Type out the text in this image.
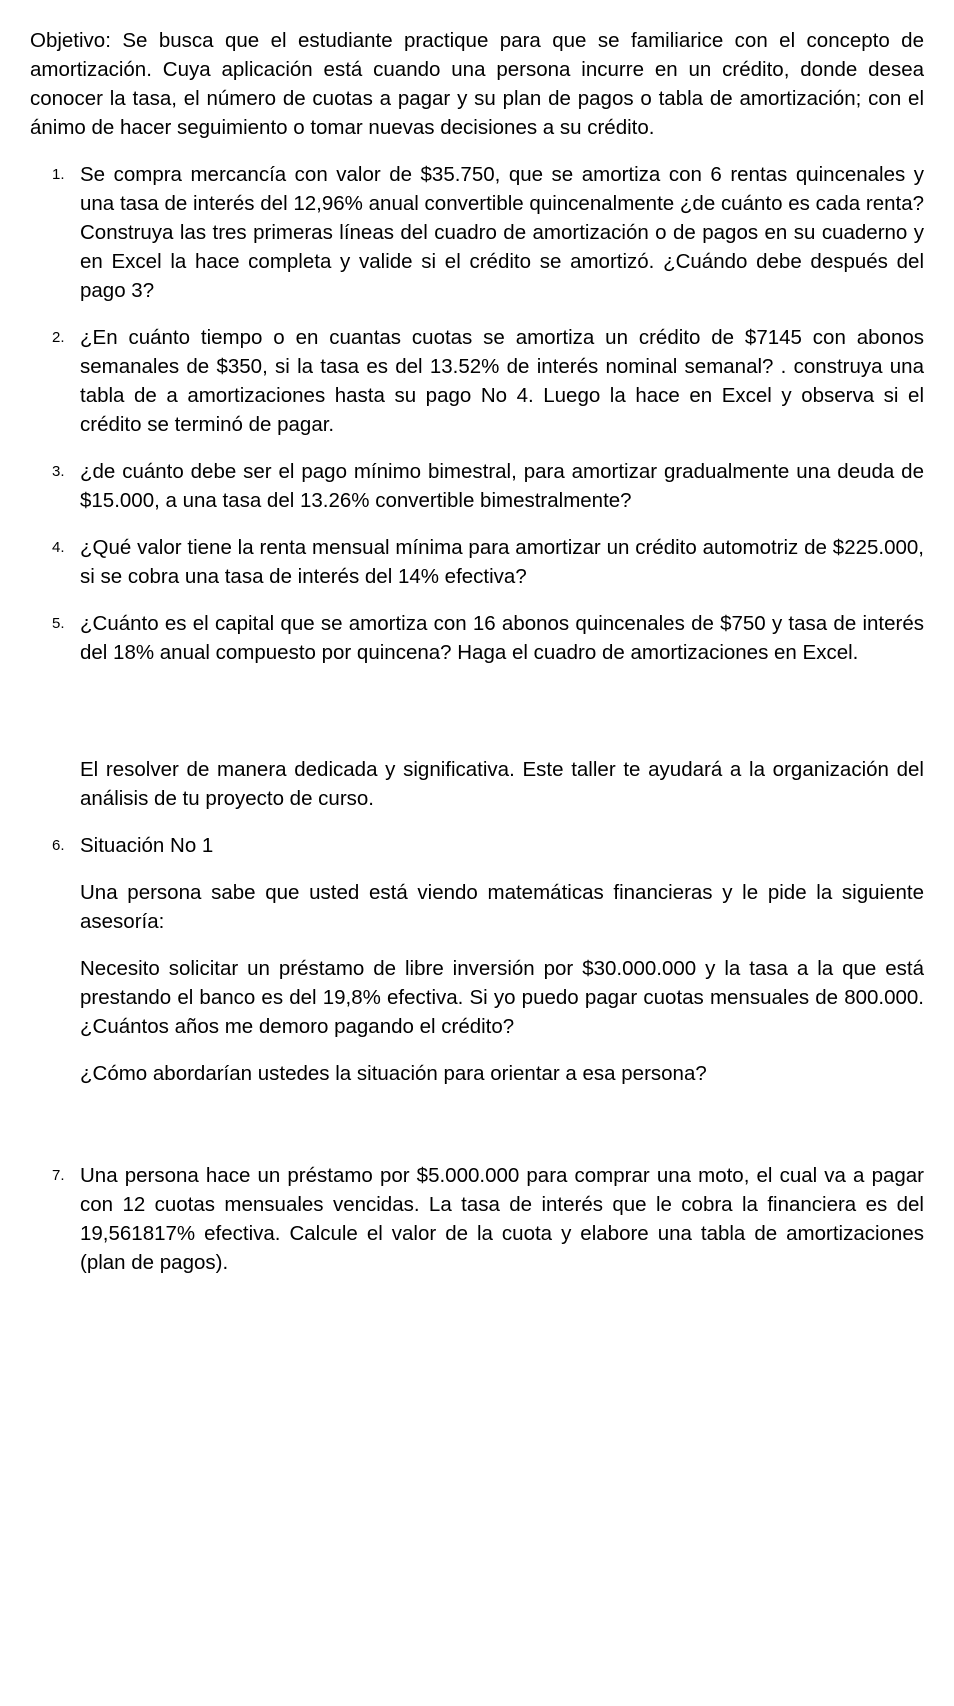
Objetivo: Se busca que el estudiante practique para que se familiarice con el concepto de amortización. Cuya aplicación está cuando una persona incurre en un crédito, donde desea conocer la tasa, el número de cuotas a pagar y su plan de pagos o tabla de amortización; con el ánimo de hacer seguimiento o tomar nuevas decisiones a su crédito.

1. Se compra mercancía con valor de $35.750, que se amortiza con 6 rentas quincenales y una tasa de interés del 12,96% anual convertible quincenalmente ¿de cuánto es cada renta? Construya las tres primeras líneas del cuadro de amortización o de pagos en su cuaderno y en Excel la hace completa y valide si el crédito se amortizó. ¿Cuándo debe después del pago 3?
2. ¿En cuánto tiempo o en cuantas cuotas se amortiza un crédito de $7145 con abonos semanales de $350, si la tasa es del 13.52% de interés nominal semanal? . construya una tabla de a amortizaciones hasta su pago No 4. Luego la hace en Excel y observa si el crédito se terminó de pagar.
3. ¿de cuánto debe ser el pago mínimo bimestral, para amortizar gradualmente una deuda de $15.000, a una tasa del 13.26% convertible bimestralmente?
4. ¿Qué valor tiene la renta mensual mínima para amortizar un crédito automotriz de $225.000, si se cobra una tasa de interés del 14% efectiva?
5. ¿Cuánto es el capital que se amortiza con 16 abonos quincenales de $750 y tasa de interés del 18% anual compuesto por quincena? Haga el cuadro de amortizaciones en Excel.

El resolver de manera dedicada y significativa. Este taller te ayudará a la organización del análisis de tu proyecto de curso.

6. Situación No 1

Una persona sabe que usted está viendo matemáticas financieras y le pide la siguiente asesoría:

Necesito solicitar un préstamo de libre inversión por $30.000.000 y la tasa a la que está prestando el banco es del 19,8% efectiva. Si yo puedo pagar cuotas mensuales de 800.000. ¿Cuántos años me demoro pagando el crédito?

¿Cómo abordarían ustedes la situación para orientar a esa persona?

7. Una persona hace un préstamo por $5.000.000 para comprar una moto, el cual va a pagar con 12 cuotas mensuales vencidas. La tasa de interés que le cobra la financiera es del 19,561817% efectiva. Calcule el valor de la cuota y elabore una tabla de amortizaciones (plan de pagos).
